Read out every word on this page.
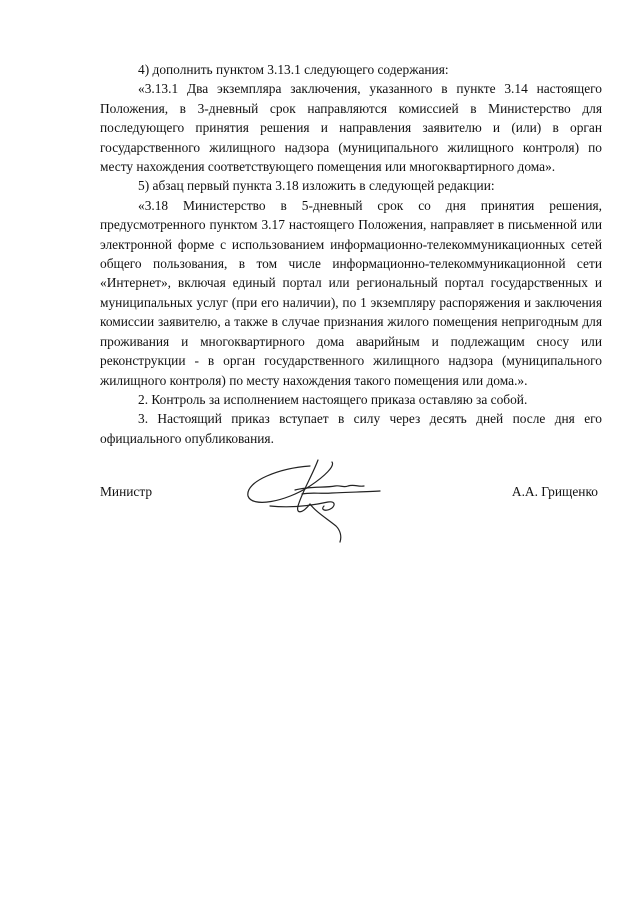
4) дополнить пунктом 3.13.1 следующего содержания:

«3.13.1 Два экземпляра заключения, указанного в пункте 3.14 настоящего Положения, в 3-дневный срок направляются комиссией в Министерство для последующего принятия решения и направления заявителю и (или) в орган государственного жилищного надзора (муниципального жилищного контроля) по месту нахождения соответствующего помещения или многоквартирного дома».

5) абзац первый пункта 3.18 изложить в следующей редакции:

«3.18 Министерство в 5-дневный срок со дня принятия решения, предусмотренного пунктом 3.17 настоящего Положения, направляет в письменной или электронной форме с использованием информационно-телекоммуникационных сетей общего пользования, в том числе информационно-телекоммуникационной сети «Интернет», включая единый портал или региональный портал государственных и муниципальных услуг (при его наличии), по 1 экземпляру распоряжения и заключения комиссии заявителю, а также в случае признания жилого помещения непригодным для проживания и многоквартирного дома аварийным и подлежащим сносу или реконструкции - в орган государственного жилищного надзора (муниципального жилищного контроля) по месту нахождения такого помещения или дома.».

2. Контроль за исполнением настоящего приказа оставляю за собой.

3. Настоящий приказ вступает в силу через десять дней после дня его официального опубликования.

Министр	А.А. Грищенко
